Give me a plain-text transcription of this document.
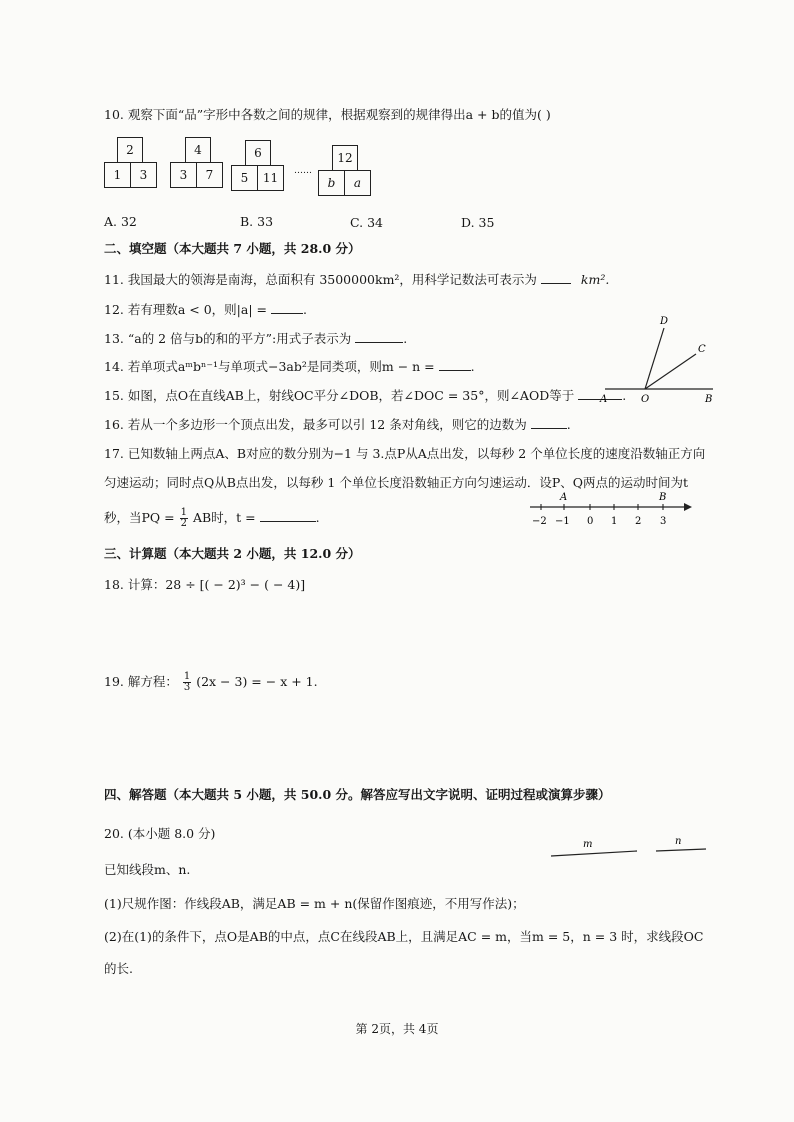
10. 观察下面“品”字形中各数之间的规律，根据观察到的规律得出a + b的值为( )
2
1	3
4
3	7
6
5	11	……
12
b	a
A. 32	B. 33	C. 34	D. 35
二、填空题（本大题共 7 小题，共 28.0 分）
11. 我国最大的领海是南海，总面积有 3500000km²，用科学记数法可表示为	km².
12. 若有理数a < 0，则|a| =	.
13. “a的 2 倍与b的和的平方”:用式子表示为	.
14. 若单项式aᵐbⁿ⁻¹与单项式−3ab²是同类项，则m − n =	.
15. 如图，点O在直线AB上，射线OC平分∠DOB，若∠DOC = 35°，则∠AOD等于	.
D
C
A	O	B
16. 若从一个多边形一个顶点出发，最多可以引 12 条对角线，则它的边数为	.
17. 已知数轴上两点A、B对应的数分别为−1 与 3.点P从A点出发，以每秒 2 个单位长度的速度沿数轴正方向
匀速运动；同时点Q从B点出发，以每秒 1 个单位长度沿数轴正方向匀速运动．设P、Q两点的运动时间为t
秒，当PQ = $\frac{1}{2}$ AB时，t =	.
A	B
−2 −1 0 1 2 3
三、计算题（本大题共 2 小题，共 12.0 分）
18. 计算：28 ÷ [( − 2)³ − ( − 4)]
19. 解方程： $\frac{1}{3} (2x - 3)$ = − x + 1.
四、解答题（本大题共 5 小题，共 50.0 分。解答应写出文字说明、证明过程或演算步骤）
20. (本小题 8.0 分)
已知线段m、n.
m	n
(1)尺规作图：作线段AB，满足AB = m + n(保留作图痕迹，不用写作法)；
(2)在(1)的条件下，点O是AB的中点，点C在线段AB上，且满足AC = m，当m = 5，n = 3 时，求线段OC
的长.
第 2页，共 4页
